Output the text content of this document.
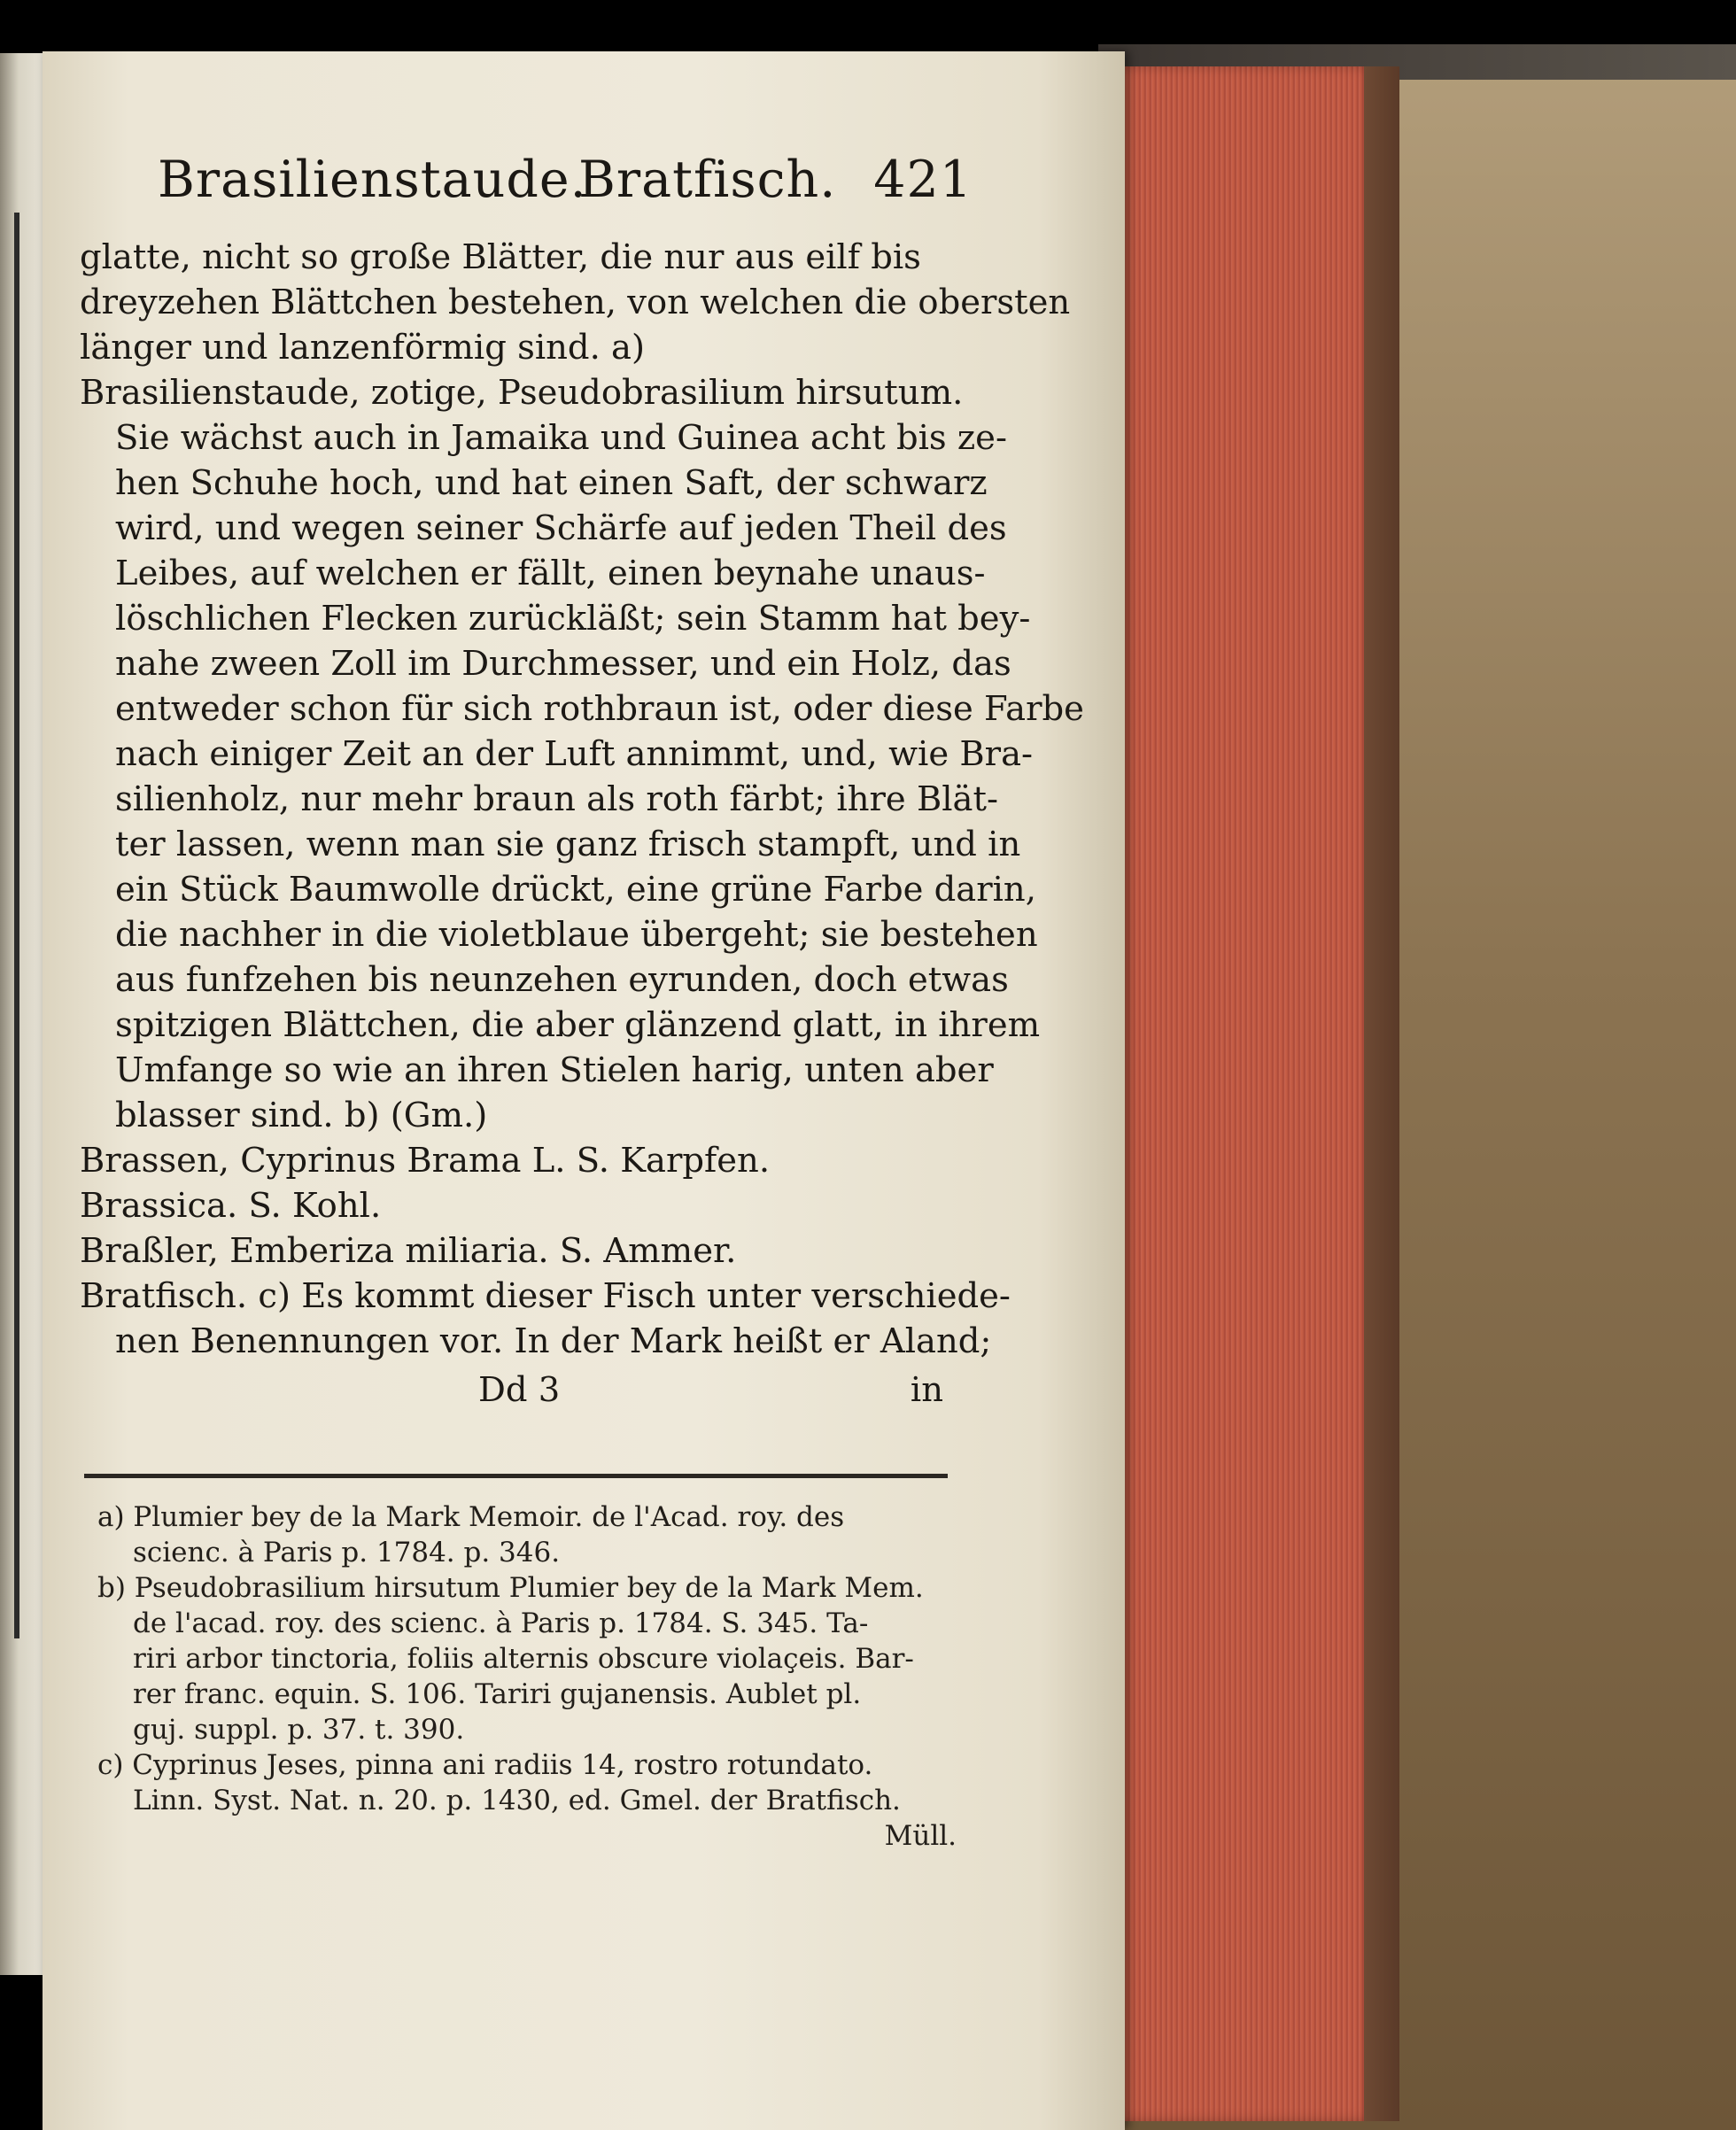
Brasilienstaude.
Bratfisch. 421
glatte, nicht so große Blätter, die nur aus eilf bis
dreyzehen Blättchen bestehen, von welchen die obersten
länger und lanzenförmig sind. a)
Brasilienstaude, zotige, Pseudobrasilium hirsutum.
Sie wächst auch in Jamaika und Guinea acht bis ze-
hen Schuhe hoch, und hat einen Saft, der schwarz
wird, und wegen seiner Schärfe auf jeden Theil des
Leibes, auf welchen er fällt, einen beynahe unaus-
löschlichen Flecken zurückläßt; sein Stamm hat bey-
nahe zween Zoll im Durchmesser, und ein Holz, das
entweder schon für sich rothbraun ist, oder diese Farbe
nach einiger Zeit an der Luft annimmt, und, wie Bra-
silienholz, nur mehr braun als roth färbt; ihre Blät-
ter lassen, wenn man sie ganz frisch stampft, und in
ein Stück Baumwolle drückt, eine grüne Farbe darin,
die nachher in die violetblaue übergeht; sie bestehen
aus funfzehen bis neunzehen eyrunden, doch etwas
spitzigen Blättchen, die aber glänzend glatt, in ihrem
Umfange so wie an ihren Stielen harig, unten aber
blasser sind. b) (Gm.)
Brassen, Cyprinus Brama L. S. Karpfen.
Brassica. S. Kohl.
Braßler, Emberiza miliaria. S. Ammer.
Bratfisch. c) Es kommt dieser Fisch unter verschiede-
nen Benennungen vor. In der Mark heißt er Aland;
Dd 3	in
a) Plumier bey de la Mark Memoir. de l'Acad. roy. des
scienc. à Paris p. 1784. p. 346.
b) Pseudobrasilium hirsutum Plumier bey de la Mark Mem.
de l'acad. roy. des scienc. à Paris p. 1784. S. 345. Ta-
riri arbor tinctoria, foliis alternis obscure violaçeis. Bar-
rer franc. equin. S. 106. Tariri gujanensis. Aublet pl.
guj. suppl. p. 37. t. 390.
c) Cyprinus Jeses, pinna ani radiis 14, rostro rotundato.
Linn. Syst. Nat. n. 20. p. 1430, ed. Gmel. der Bratfisch.
Müll.
